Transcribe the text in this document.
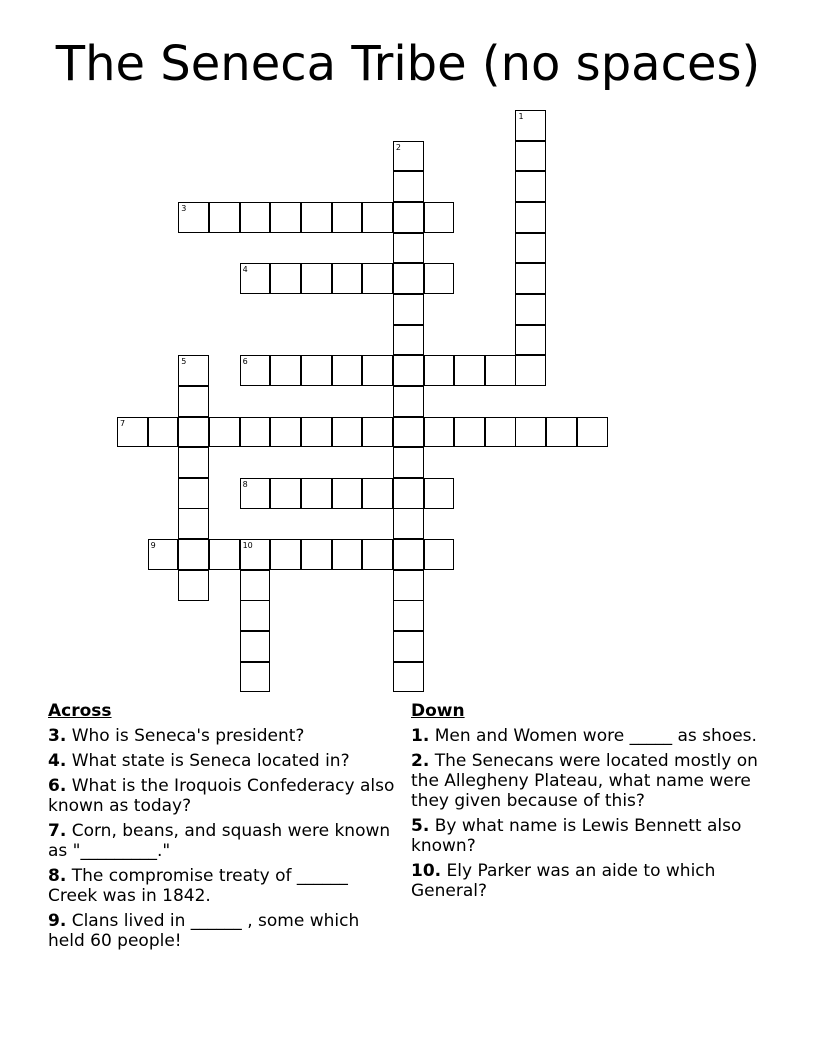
The Seneca Tribe (no spaces)
1
2
3
4
5	6
7
8
9	10
Across
3. Who is Seneca's president?
4. What state is Seneca located in?
6. What is the Iroquois Confederacy also known as today?
7. Corn, beans, and squash were known as "_________."
8. The compromise treaty of ______ Creek was in 1842.
9. Clans lived in ______ , some which held 60 people!
Down
1. Men and Women wore _____ as shoes.
2. The Senecans were located mostly on the Allegheny Plateau, what name were they given because of this?
5. By what name is Lewis Bennett also known?
10. Ely Parker was an aide to which General?
